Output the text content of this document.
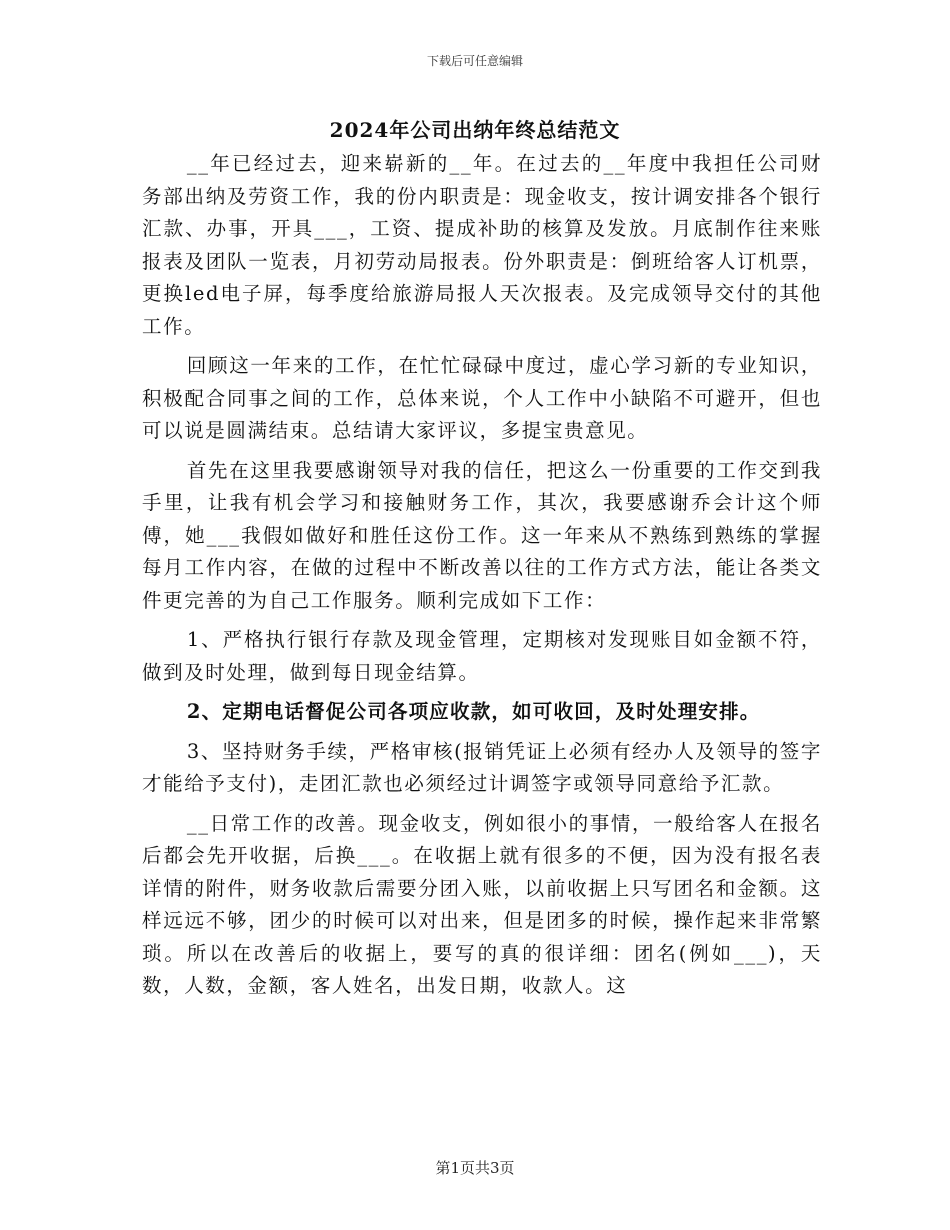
下载后可任意编辑
2024年公司出纳年终总结范文

__年已经过去，迎来崭新的__年。在过去的__年度中我担任公司财务部出纳及劳资工作，我的份内职责是：现金收支，按计调安排各个银行汇款、办事，开具___，工资、提成补助的核算及发放。月底制作往来账报表及团队一览表，月初劳动局报表。份外职责是：倒班给客人订机票，更换led电子屏，每季度给旅游局报人天次报表。及完成领导交付的其他工作。

回顾这一年来的工作，在忙忙碌碌中度过，虚心学习新的专业知识，积极配合同事之间的工作，总体来说，个人工作中小缺陷不可避开，但也可以说是圆满结束。总结请大家评议，多提宝贵意见。

首先在这里我要感谢领导对我的信任，把这么一份重要的工作交到我手里，让我有机会学习和接触财务工作，其次，我要感谢乔会计这个师傅，她___我假如做好和胜任这份工作。这一年来从不熟练到熟练的掌握每月工作内容，在做的过程中不断改善以往的工作方式方法，能让各类文件更完善的为自己工作服务。顺利完成如下工作：

1、严格执行银行存款及现金管理，定期核对发现账目如金额不符，做到及时处理，做到每日现金结算。

2、定期电话督促公司各项应收款，如可收回，及时处理安排。

3、坚持财务手续，严格审核(报销凭证上必须有经办人及领导的签字才能给予支付)，走团汇款也必须经过计调签字或领导同意给予汇款。

__日常工作的改善。现金收支，例如很小的事情，一般给客人在报名后都会先开收据，后换___。在收据上就有很多的不便，因为没有报名表详情的附件，财务收款后需要分团入账，以前收据上只写团名和金额。这样远远不够，团少的时候可以对出来，但是团多的时候，操作起来非常繁琐。所以在改善后的收据上，要写的真的很详细：团名(例如___)，天数，人数，金额，客人姓名，出发日期，收款人。这

第1页共3页
